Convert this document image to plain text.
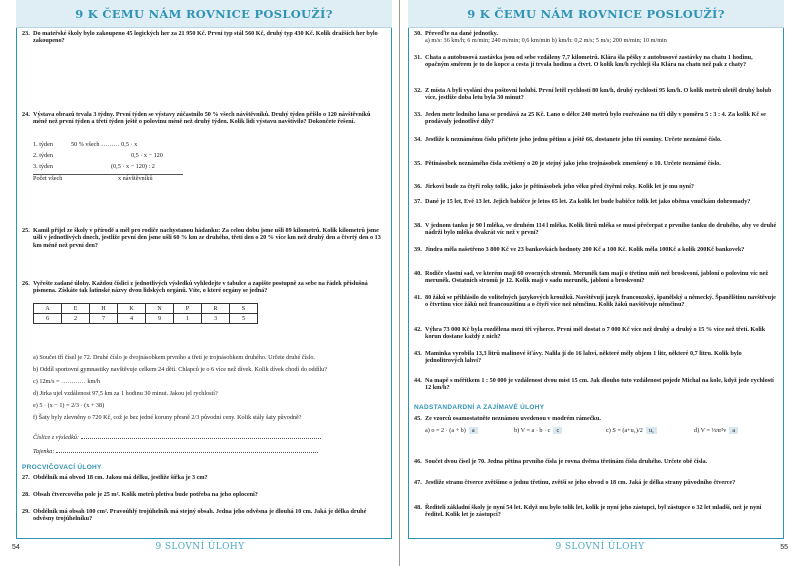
9 K ČEMU NÁM ROVNICE POSLOUŽÍ?
23. Do mateřské školy bylo zakoupeno 45 logických her za 21 950 Kč. První typ stál 560 Kč, druhý typ 430 Kč. Kolik dražších her bylo zakoupeno?
24. Výstava obrazů trvala 3 týdny. První týden se výstavy zúčastnilo 50 % všech návštěvníků. Druhý týden přišlo o 120 návštěvníků méně než první týden a třetí týden ještě o polovinu méně než druhý týden. Kolik lidí výstavu navštívilo? Dokončete řešení.
1. týden	50 % všech ……… 0,5 · x
2. týden	0,5 · x − 120
3. týden	(0,5 · x − 120) : 2
Počet všech	x návštěvníků
25. Kamil přijel ze školy v přírodě a měl pro rodiče nachystanou hádanku: Za celou dobu jsme ušli 89 kilometrů. Kolik kilometrů jsme ušli v jednotlivých dnech, jestliže první den jsme ušli 60 % km ze druhého, třetí den o 20 % více km než druhý den a čtvrtý den o 13 km méně než první den?
26. Vyřešte zadané úlohy. Každou číslici z jednotlivých výsledků vyhledejte v tabulce a zapište postupně za sebe na řádek příslušná písmena. Získáte tak latinské názvy dvou lidských orgánů. Víte, o které orgány se jedná?
A	E	H	K	N	P	R	S
6	2	7	4	9	1	3	5
a) Součet tří čísel je 72. Druhé číslo je dvojnásobkem prvního a třetí je trojnásobkem druhého. Určete druhé číslo.
b) Oddíl sportovní gymnastiky navštěvuje celkem 24 dětí. Chlapců je o 6 více než dívek. Kolik dívek chodí do oddílu?
c) 12m/s = ………… km/h
d) Jirka ujel vzdálenost 97,5 km za 1 hodinu 30 minut. Jakou jel rychlostí?
e) 5 · (x − 1) = 2/3 · (x + 38)
f) Šaty byly zlevněny o 720 Kč, což je bez jedné koruny přesně 2/3 původní ceny. Kolik stály šaty původně?
Číslice z výsledků:
Tajenka:
PROCVIČOVACÍ ÚLOHY
27. Obdélník má obvod 18 cm. Jakou má délku, jestliže šířka je 3 cm?
28. Obsah čtvercového pole je 25 m². Kolik metrů pletiva bude potřeba na jeho oplocení?
29. Obdélník má obsah 100 cm². Pravoúhlý trojúhelník má stejný obsah. Jedna jeho odvěsna je dlouhá 10 cm. Jaká je délka druhé odvěsny trojúhelníku?
54	9 SLOVNÍ ÚLOHY
9 K ČEMU NÁM ROVNICE POSLOUŽÍ?
30. Převeďte na dané jednotky.
a) m/s: 36 km/h; 6 m/min; 240 m/min; 0,6 km/min b) km/h: 0,2 m/s; 5 m/s; 200 m/min; 10 m/min
31. Chata a autobusová zastávka jsou od sebe vzdáleny 7,7 kilometrů. Klára šla pěšky z autobusové zastávky na chatu 1 hodinu, opačným směrem je to do kopce a cesta jí trvala hodinu a čtvrt. O kolik km/h rychleji šla Klára na chatu než pak z chaty?
32. Z místa A byli vysláni dva poštovní holubi. První letěl rychlostí 80 km/h, druhý rychlostí 95 km/h. O kolik metrů uletěl druhý holub více, jestliže doba letu byla 30 minut?
33. Jeden metr lodního lana se prodává za 25 Kč. Lano o délce 240 metrů bylo rozřezáno na tři díly v poměru 5 : 3 : 4. Za kolik Kč se prodávaly jednotlivé díly?
34. Jestliže k neznámému číslu přičtete jeho jednu pětinu a ještě 66, dostanete jeho tři osminy. Určete neznámé číslo.
35. Pětinásobek neznámého čísla zvětšený o 20 je stejný jako jeho trojnásobek zmenšený o 10. Určete neznámé číslo.
36. Jirkovi bude za čtyři roky tolik, jako je pětinásobek jeho věku před čtyřmi roky. Kolik let je mu nyní?
37. Dané je 15 let, Evě 13 let. Jejich babičce je letos 65 let. Za kolik let bude babičce tolik let jako oběma vnučkám dohromady?
38. V jednom tanku je 90 l mléka, ve druhém 114 l mléka. Kolik litrů mléka se musí přečerpat z prvního tanku do druhého, aby ve druhé nádrži bylo mléka dvakrát víc než v první?
39. Jindra měla našetřeno 3 800 Kč ve 23 bankovkách hodnoty 200 Kč a 100 Kč. Kolik měla 100Kč a kolik 200Kč bankovek?
40. Rodiče vlastní sad, ve kterém mají 60 ovocných stromů. Meruněk tam mají o třetinu míň než broskvoní, jabloní o polovinu víc než meruněk. Ostatních stromů je 12. Kolik mají v sadu meruněk, jabloní a broskvoní?
41. 80 žáků se přihlásilo do volitelných jazykových kroužků. Navštěvují jazyk francouzský, španělský a německý. Španělštinu navštěvuje o čtvrtinu více žáků než francouzštinu a o čtyři více než němčinu. Kolik žáků navštěvuje němčinu?
42. Výhra 73 000 Kč byla rozdělena mezi tři výherce. První měl dostat o 7 000 Kč více než druhý a druhý o 15 % více než třetí. Kolik korun dostane každý z nich?
43. Maminka vyrobila 13,3 litrů malinové šťávy. Nalila jí do 16 lahví, některé měly objem 1 litr, některé 0,7 litru. Kolik bylo jednolitrových lahví?
44. Na mapě s měřítkem 1 : 50 000 je vzdálenost dvou míst 15 cm. Jak dlouho tuto vzdálenost pojede Michal na kole, když jede rychlostí 12 km/h?
NADSTANDARDNÍ A ZAJÍMAVÉ ÚLOHY
45. Ze vzorců osamostatněte neznámou uvedenou v modrém rámečku.
a) o = 2 · (a + b) a	b) V = a · b · c c	c) S = (a+u₁)/2 u₁	d) V = ⅓πr²v a
46. Součet dvou čísel je 70. Jedna pětina prvního čísla je rovna dvěma třetinám čísla druhého. Určete obě čísla.
47. Jestliže stranu čtverce zvětšíme o jednu třetinu, zvětší se jeho obvod o 18 cm. Jaká je délka strany původního čtverce?
48. Ředitelí základní školy je nyní 54 let. Když mu bylo tolik let, kolik je nyní jeho zástupci, byl zástupce o 32 let mladší, než je nyní ředitel. Kolik let je zástupci?
9 SLOVNÍ ÚLOHY	55
